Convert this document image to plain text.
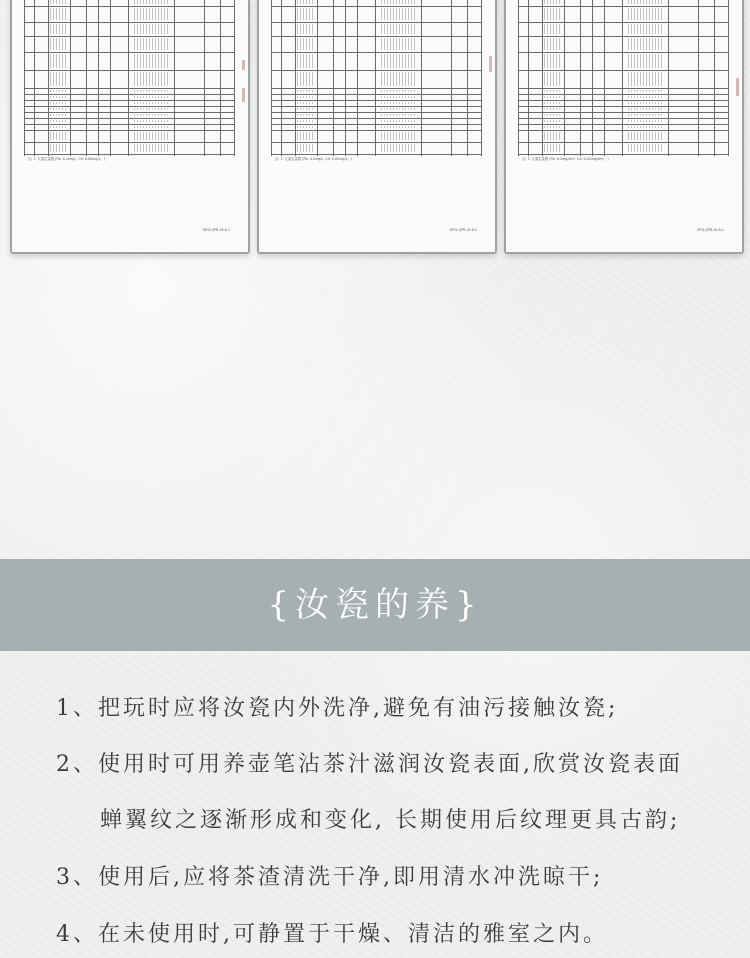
注: 1. 元素定量限 (Pb: 0.2mg/L, Cd: 0.02mg/L。)
DFD-QPR-19-8-1
注: 1. 元素定量限 (Pb: 0.2mg/L, Cd: 0.02mg/L。)
DFD-QPR-19-8-1
注: 1. 元素定量限 (Pb: 0.2mg/dm², Cd: 0.02mg/dm²。)
DFD-QPR-19-8-1
{汝瓷的养}
1、把玩时应将汝瓷内外洗净,避免有油污接触汝瓷;
2、使用时可用养壶笔沾茶汁滋润汝瓷表面,欣赏汝瓷表面
蝉翼纹之逐渐形成和变化, 长期使用后纹理更具古韵;
3、使用后,应将茶渣清洗干净,即用清水冲洗晾干;
4、在未使用时,可静置于干燥、清洁的雅室之内。
